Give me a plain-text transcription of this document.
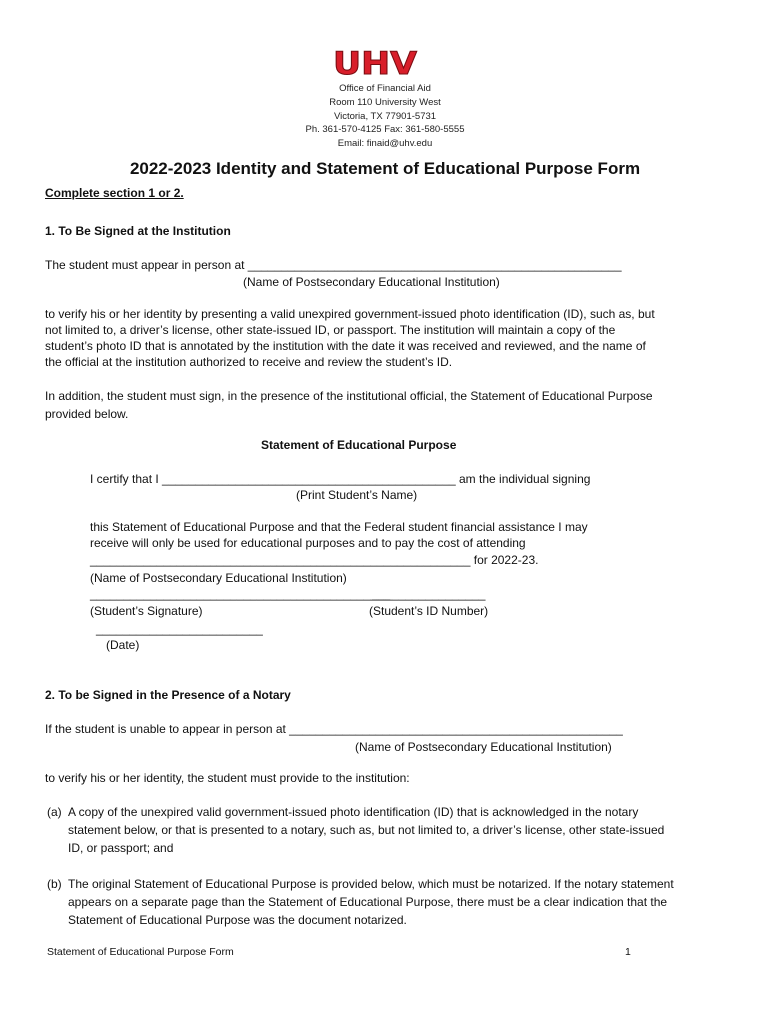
UHV
Office of Financial Aid
Room 110 University West
Victoria, TX 77901-5731
Ph. 361-570-4125 Fax: 361-580-5555
Email: finaid@uhv.edu
2022-2023 Identity and Statement of Educational Purpose Form
Complete section 1 or 2.
1. To Be Signed at the Institution
The student must appear in person at ________________________________________________________
(Name of Postsecondary Educational Institution)
to verify his or her identity by presenting a valid unexpired government-issued photo identification (ID), such as, but
not limited to, a driver’s license, other state-issued ID, or passport. The institution will maintain a copy of the
student’s photo ID that is annotated by the institution with the date it was received and reviewed, and the name of
the official at the institution authorized to receive and review the student’s ID.
In addition, the student must sign, in the presence of the institutional official, the Statement of Educational Purpose
provided below.
Statement of Educational Purpose
I certify that I ____________________________________________ am the individual signing
(Print Student’s Name)
this Statement of Educational Purpose and that the Federal student financial assistance I may
receive will only be used for educational purposes and to pay the cost of attending
_________________________________________________________ for 2022-23.
(Name of Postsecondary Educational Institution)
_____________________________________________
_________________
(Student’s Signature)	(Student’s ID Number)
_________________________
(Date)
2. To be Signed in the Presence of a Notary
If the student is unable to appear in person at __________________________________________________
(Name of Postsecondary Educational Institution)
to verify his or her identity, the student must provide to the institution:
(a) A copy of the unexpired valid government-issued photo identification (ID) that is acknowledged in the notary
statement below, or that is presented to a notary, such as, but not limited to, a driver’s license, other state-issued
ID, or passport; and
(b) The original Statement of Educational Purpose is provided below, which must be notarized. If the notary statement
appears on a separate page than the Statement of Educational Purpose, there must be a clear indication that the
Statement of Educational Purpose was the document notarized.
Statement of Educational Purpose Form	1
